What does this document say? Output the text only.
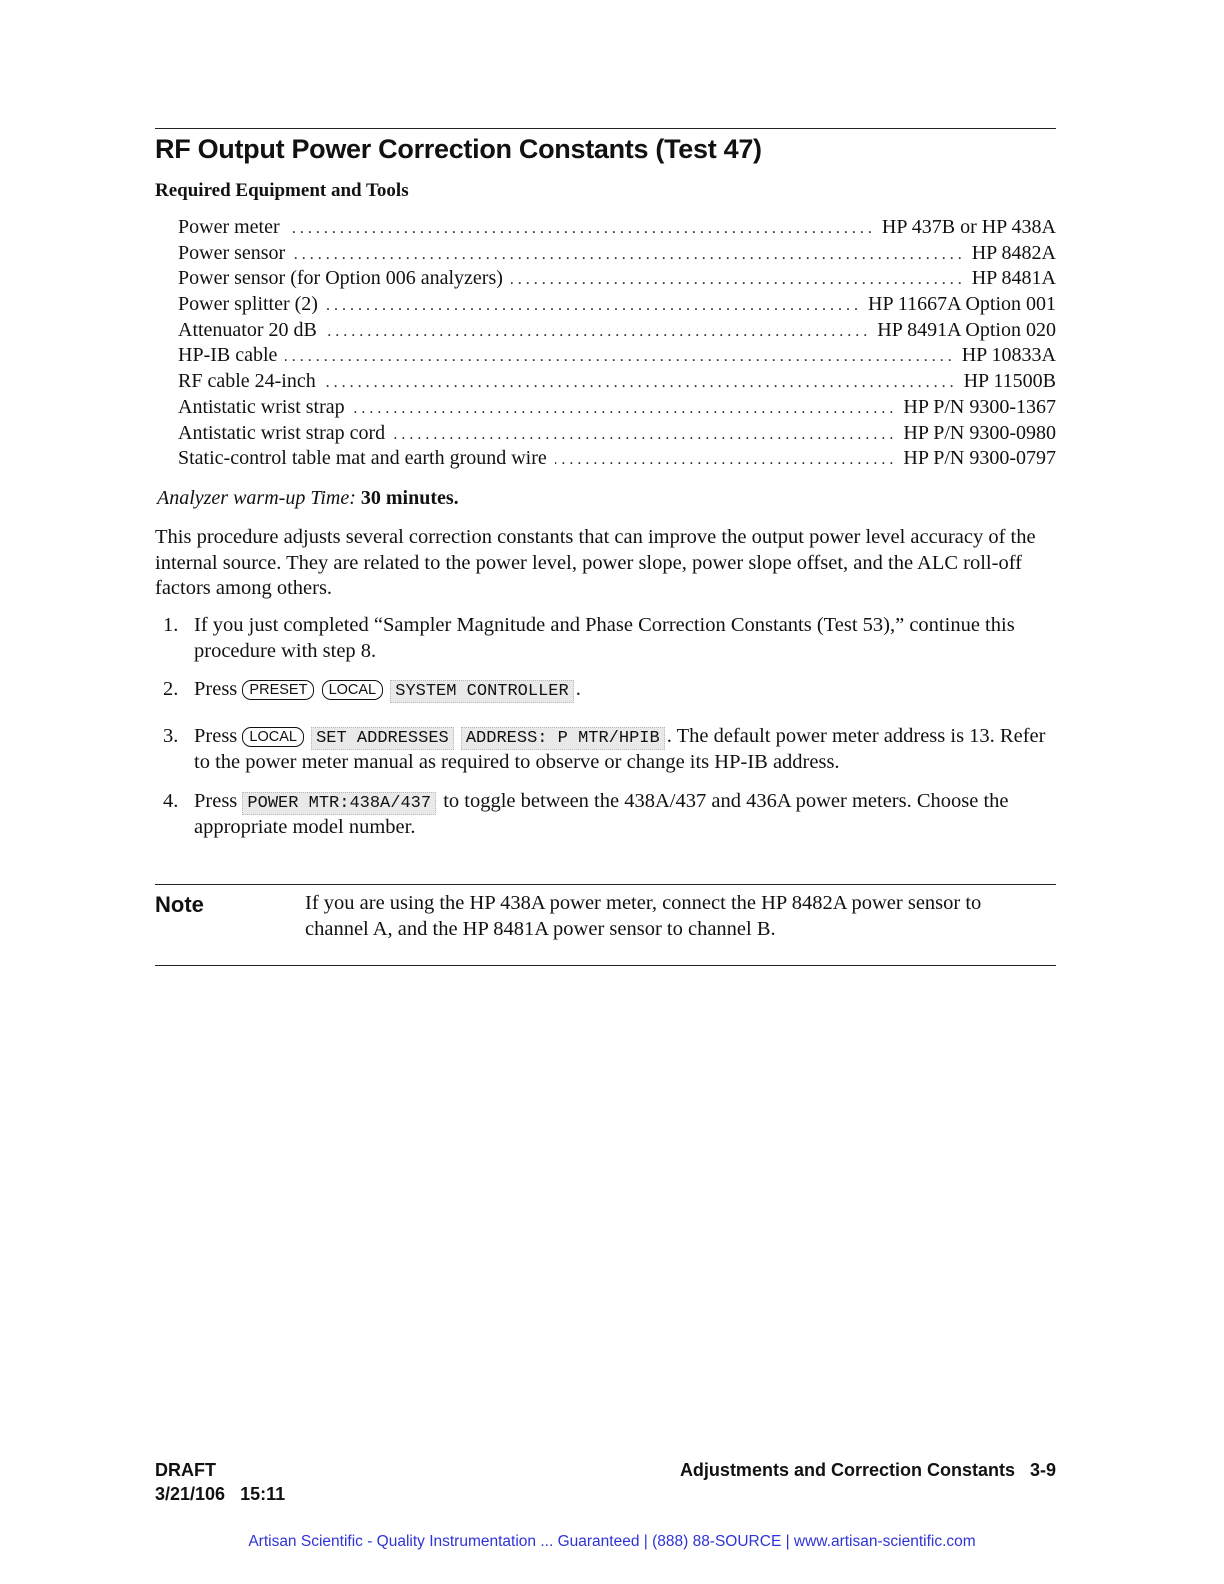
RF Output Power Correction Constants (Test 47)
Required Equipment and Tools
Power meter .....	HP 437B or HP 438A
Power sensor .....	HP 8482A
Power sensor (for Option 006 analyzers) .....	HP 8481A
Power splitter (2) .....	HP 11667A Option 001
Attenuator 20 dB .....	HP 8491A Option 020
HP-IB cable .....	HP 10833A
RF cable 24-inch .....	HP 11500B
Antistatic wrist strap .....	HP P/N 9300-1367
Antistatic wrist strap cord .....	HP P/N 9300-0980
Static-control table mat and earth ground wire .....	HP P/N 9300-0797

Analyzer warm-up Time: 30 minutes.

This procedure adjusts several correction constants that can improve the output power level accuracy of the internal source. They are related to the power level, power slope, power slope offset, and the ALC roll-off factors among others.

1. If you just completed “Sampler Magnitude and Phase Correction Constants (Test 53),” continue this procedure with step 8.
2. Press PRESET LOCAL SYSTEM CONTROLLER .
3. Press LOCAL SET ADDRESSES ADDRESS: P MTR/HPIB . The default power meter address is 13. Refer to the power meter manual as required to observe or change its HP-IB address.
4. Press POWER MTR:438A/437 to toggle between the 438A/437 and 436A power meters. Choose the appropriate model number.

Note	If you are using the HP 438A power meter, connect the HP 8482A power sensor to channel A, and the HP 8481A power sensor to channel B.

DRAFT

3/21/106   15:11

Adjustments and Correction Constants 3-9

Artisan Scientific - Quality Instrumentation ... Guaranteed | (888) 88-SOURCE | www.artisan-scientific.com
